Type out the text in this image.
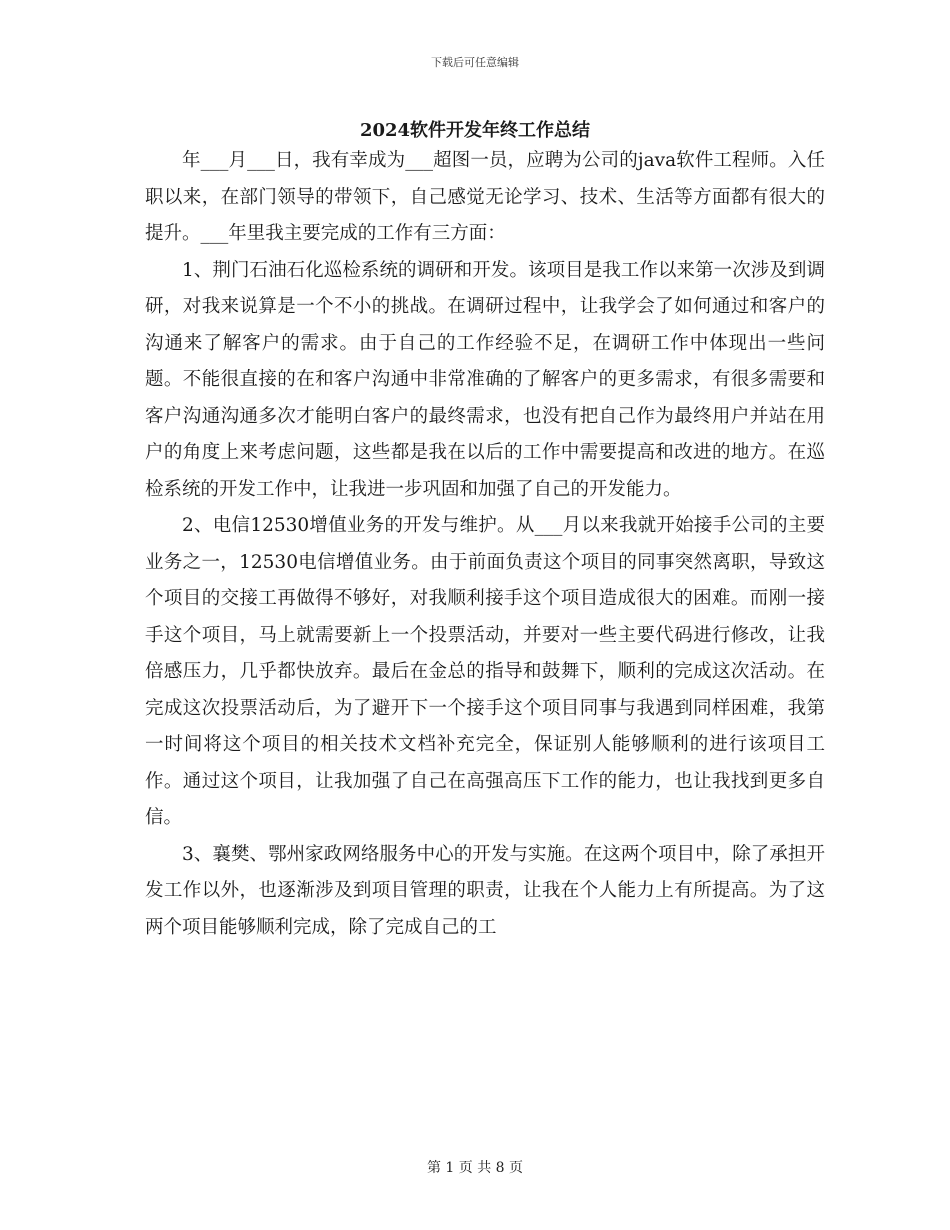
下载后可任意编辑
2024软件开发年终工作总结

年___月___日，我有幸成为___超图一员，应聘为公司的java软件工程师。入任职以来，在部门领导的带领下，自己感觉无论学习、技术、生活等方面都有很大的提升。___年里我主要完成的工作有三方面：

1、荆门石油石化巡检系统的调研和开发。该项目是我工作以来第一次涉及到调研，对我来说算是一个不小的挑战。在调研过程中，让我学会了如何通过和客户的沟通来了解客户的需求。由于自己的工作经验不足，在调研工作中体现出一些问题。不能很直接的在和客户沟通中非常准确的了解客户的更多需求，有很多需要和客户沟通沟通多次才能明白客户的最终需求，也没有把自己作为最终用户并站在用户的角度上来考虑问题，这些都是我在以后的工作中需要提高和改进的地方。在巡检系统的开发工作中，让我进一步巩固和加强了自己的开发能力。

2、电信12530增值业务的开发与维护。从___月以来我就开始接手公司的主要业务之一，12530电信增值业务。由于前面负责这个项目的同事突然离职，导致这个项目的交接工再做得不够好，对我顺利接手这个项目造成很大的困难。而刚一接手这个项目，马上就需要新上一个投票活动，并要对一些主要代码进行修改，让我倍感压力，几乎都快放弃。最后在金总的指导和鼓舞下，顺利的完成这次活动。在完成这次投票活动后，为了避开下一个接手这个项目同事与我遇到同样困难，我第一时间将这个项目的相关技术文档补充完全，保证别人能够顺利的进行该项目工作。通过这个项目，让我加强了自己在高强高压下工作的能力，也让我找到更多自信。

3、襄樊、鄂州家政网络服务中心的开发与实施。在这两个项目中，除了承担开发工作以外，也逐渐涉及到项目管理的职责，让我在个人能力上有所提高。为了这两个项目能够顺利完成，除了完成自己的工

第 1 页 共 8 页
